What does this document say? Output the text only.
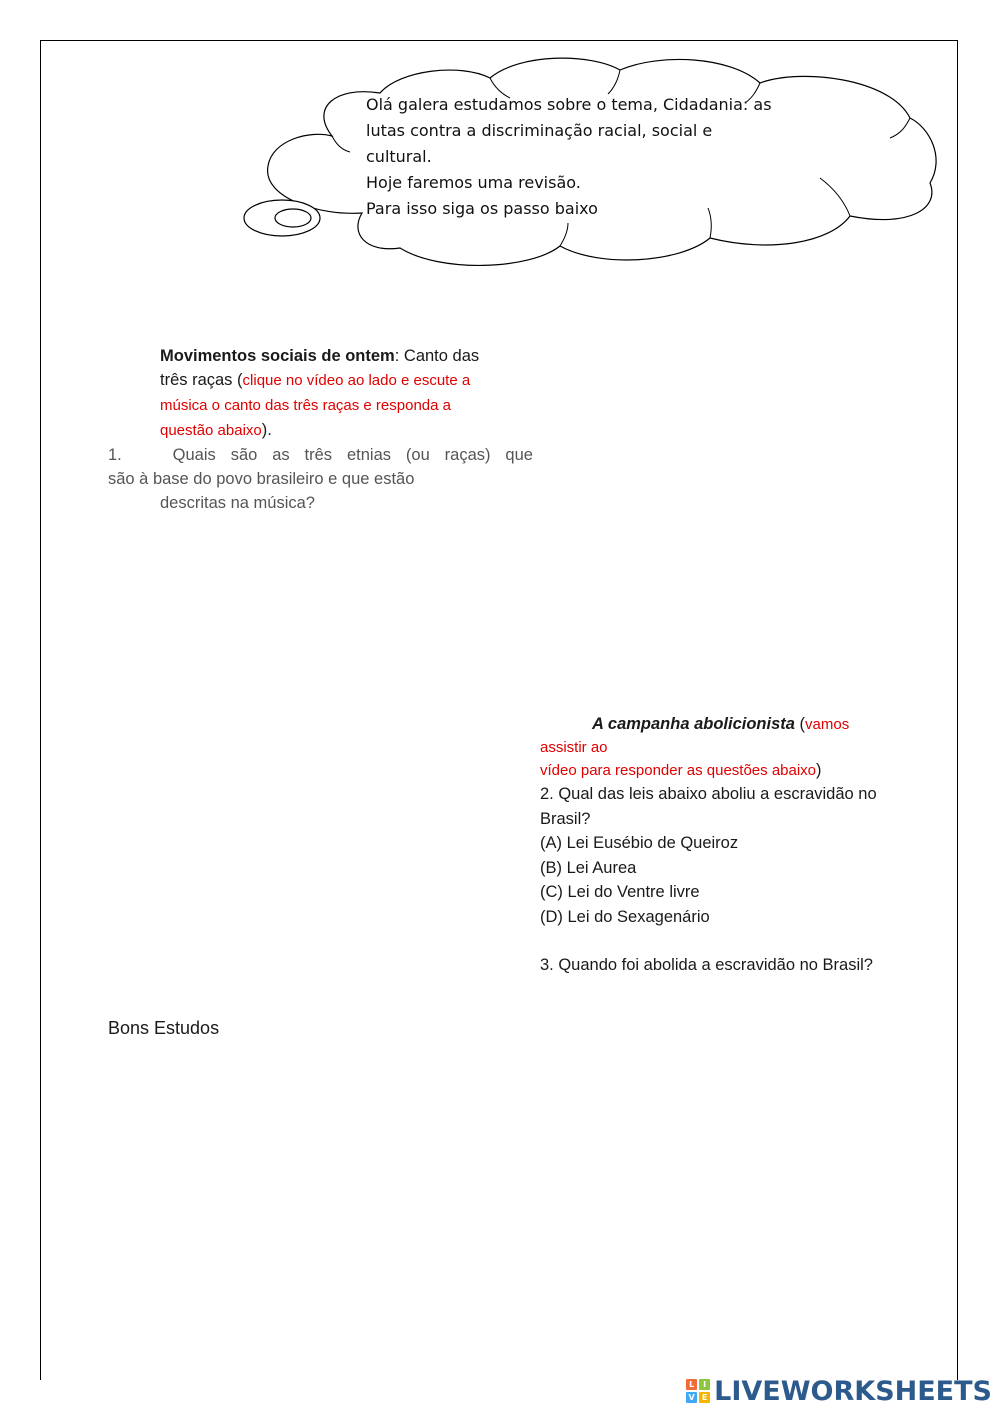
Olá galera estudamos sobre o tema, Cidadania: as
lutas contra a discriminação racial, social e
cultural.
Hoje faremos uma revisão.
Para isso siga os passo baixo
Movimentos sociais de ontem: Canto das
três raças (clique no vídeo ao lado e escute a
música o canto das três raças e responda a
questão abaixo).
1.	Quais são as três etnias (ou raças) que
são à base do povo brasileiro e que estão
descritas na música?
A campanha abolicionista (vamos
assistir ao
vídeo para responder as questões abaixo)
2. Qual das leis abaixo aboliu a escravidão no
Brasil?
(A) Lei Eusébio de Queiroz
(B) Lei Aurea
(C) Lei do Ventre livre
(D) Lei do Sexagenário
3. Quando foi abolida a escravidão no Brasil?
Bons Estudos
L	I
V E LIVEWORKSHEETS
